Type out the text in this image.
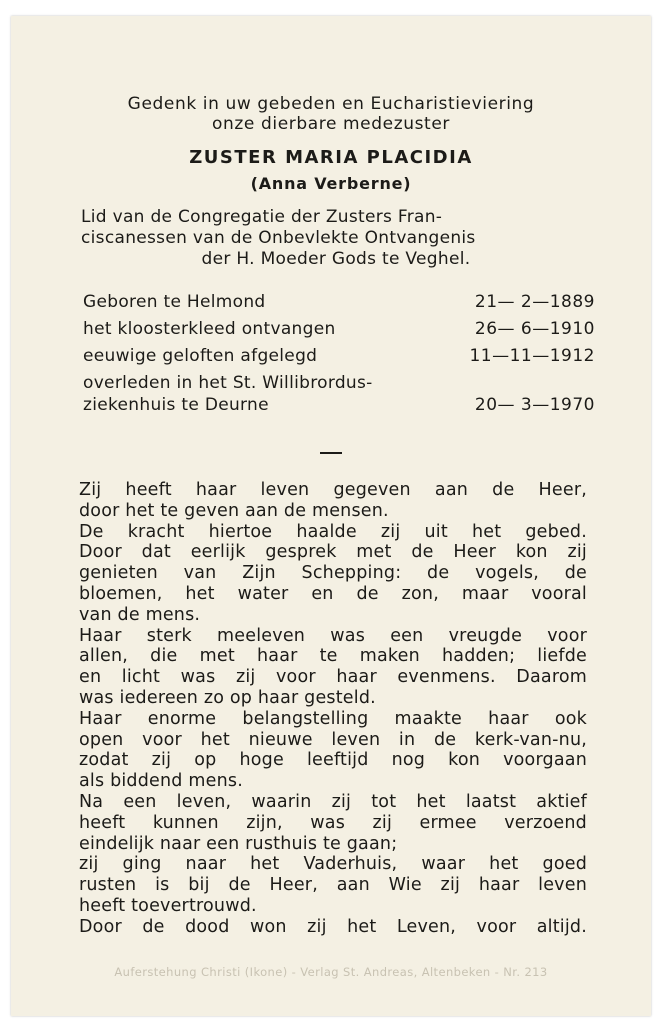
Gedenk in uw gebeden en Eucharistieviering
onze dierbare medezuster
ZUSTER MARIA PLACIDIA
(Anna Verberne)
Lid van de Congregatie der Zusters Fran-
ciscanessen van de Onbevlekte Ontvangenis
der H. Moeder Gods te Veghel.
Geboren te Helmond	21— 2—1889
het kloosterkleed ontvangen	26— 6—1910
eeuwige geloften afgelegd	11—11—1912
overleden in het St. Willibrordus-
ziekenhuis te Deurne	20— 3—1970
Zij heeft haar leven gegeven aan de Heer,
door het te geven aan de mensen.
De kracht hiertoe haalde zij uit het gebed.
Door dat eerlijk gesprek met de Heer kon zij
genieten van Zijn Schepping: de vogels, de
bloemen, het water en de zon, maar vooral
van de mens.
Haar sterk meeleven was een vreugde voor
allen, die met haar te maken hadden; liefde
en licht was zij voor haar evenmens. Daarom
was iedereen zo op haar gesteld.
Haar enorme belangstelling maakte haar ook
open voor het nieuwe leven in de kerk-van-nu,
zodat zij op hoge leeftijd nog kon voorgaan
als biddend mens.
Na een leven, waarin zij tot het laatst aktief
heeft kunnen zijn, was zij ermee verzoend
eindelijk naar een rusthuis te gaan;
zij ging naar het Vaderhuis, waar het goed
rusten is bij de Heer, aan Wie zij haar leven
heeft toevertrouwd.
Door de dood won zij het Leven, voor altijd.
Auferstehung Christi (Ikone) - Verlag St. Andreas, Altenbeken - Nr. 213
